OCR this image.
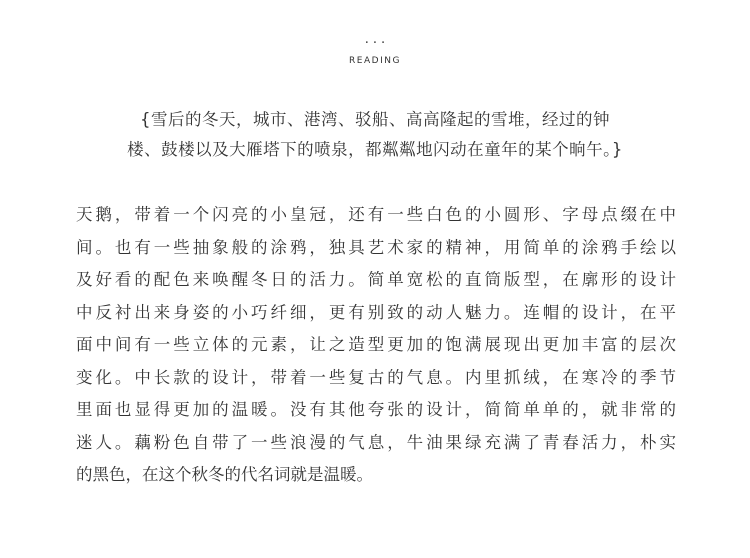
...
READING
{雪后的冬天，城市、港湾、驳船、高高隆起的雪堆，经过的钟
楼、鼓楼以及大雁塔下的喷泉，都粼粼地闪动在童年的某个晌午。}
天鹅，带着一个闪亮的小皇冠，还有一些白色的小圆形、字母点缀在中
间。也有一些抽象般的涂鸦，独具艺术家的精神，用简单的涂鸦手绘以
及好看的配色来唤醒冬日的活力。简单宽松的直筒版型，在廓形的设计
中反衬出来身姿的小巧纤细，更有别致的动人魅力。连帽的设计，在平
面中间有一些立体的元素，让之造型更加的饱满展现出更加丰富的层次
变化。中长款的设计，带着一些复古的气息。内里抓绒，在寒冷的季节
里面也显得更加的温暖。没有其他夸张的设计，简简单单的，就非常的
迷人。藕粉色自带了一些浪漫的气息，牛油果绿充满了青春活力，朴实
的黑色，在这个秋冬的代名词就是温暖。
